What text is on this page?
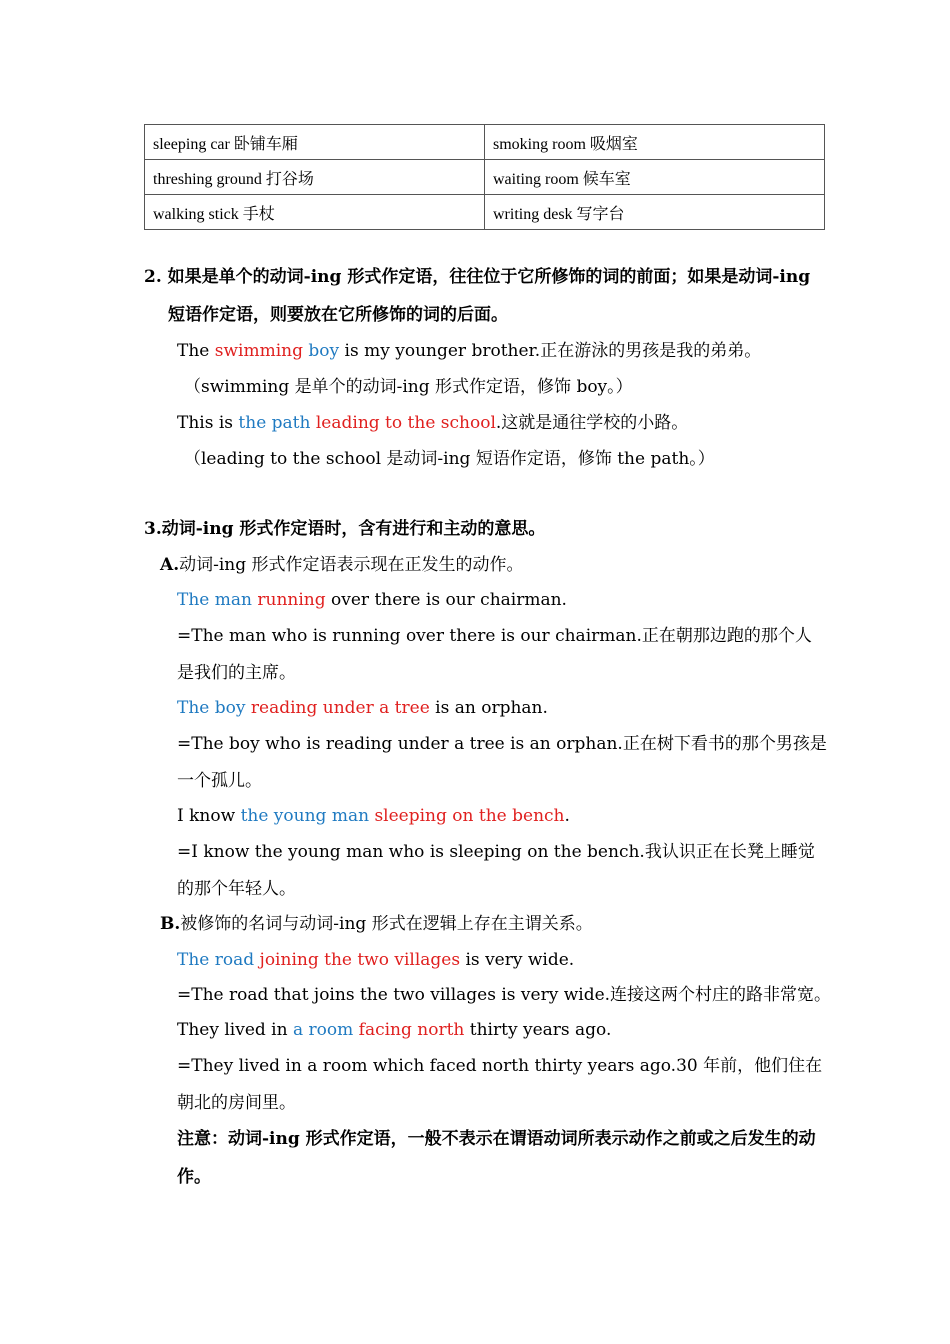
sleeping car 卧铺车厢	smoking room 吸烟室
threshing ground 打谷场	waiting room 候车室
walking stick 手杖	writing desk 写字台
2. 如果是单个的动词-ing 形式作定语，往往位于它所修饰的词的前面；如果是动词-ing
短语作定语，则要放在它所修饰的词的后面。
The swimming boy is my younger brother.正在游泳的男孩是我的弟弟。
（swimming 是单个的动词-ing 形式作定语，修饰 boy。）
This is the path leading to the school.这就是通往学校的小路。
（leading to the school 是动词-ing 短语作定语，修饰 the path。）
3.动词-ing 形式作定语时，含有进行和主动的意思。
A.动词-ing 形式作定语表示现在正发生的动作。
The man running over there is our chairman.
=The man who is running over there is our chairman.正在朝那边跑的那个人
是我们的主席。
The boy reading under a tree is an orphan.
=The boy who is reading under a tree is an orphan.正在树下看书的那个男孩是
一个孤儿。
I know the young man sleeping on the bench.
=I know the young man who is sleeping on the bench.我认识正在长凳上睡觉
的那个年轻人。
B.被修饰的名词与动词-ing 形式在逻辑上存在主谓关系。
The road joining the two villages is very wide.
=The road that joins the two villages is very wide.连接这两个村庄的路非常宽。
They lived in a room facing north thirty years ago.
=They lived in a room which faced north thirty years ago.30 年前，他们住在
朝北的房间里。
注意：动词-ing 形式作定语，一般不表示在谓语动词所表示动作之前或之后发生的动
作。
